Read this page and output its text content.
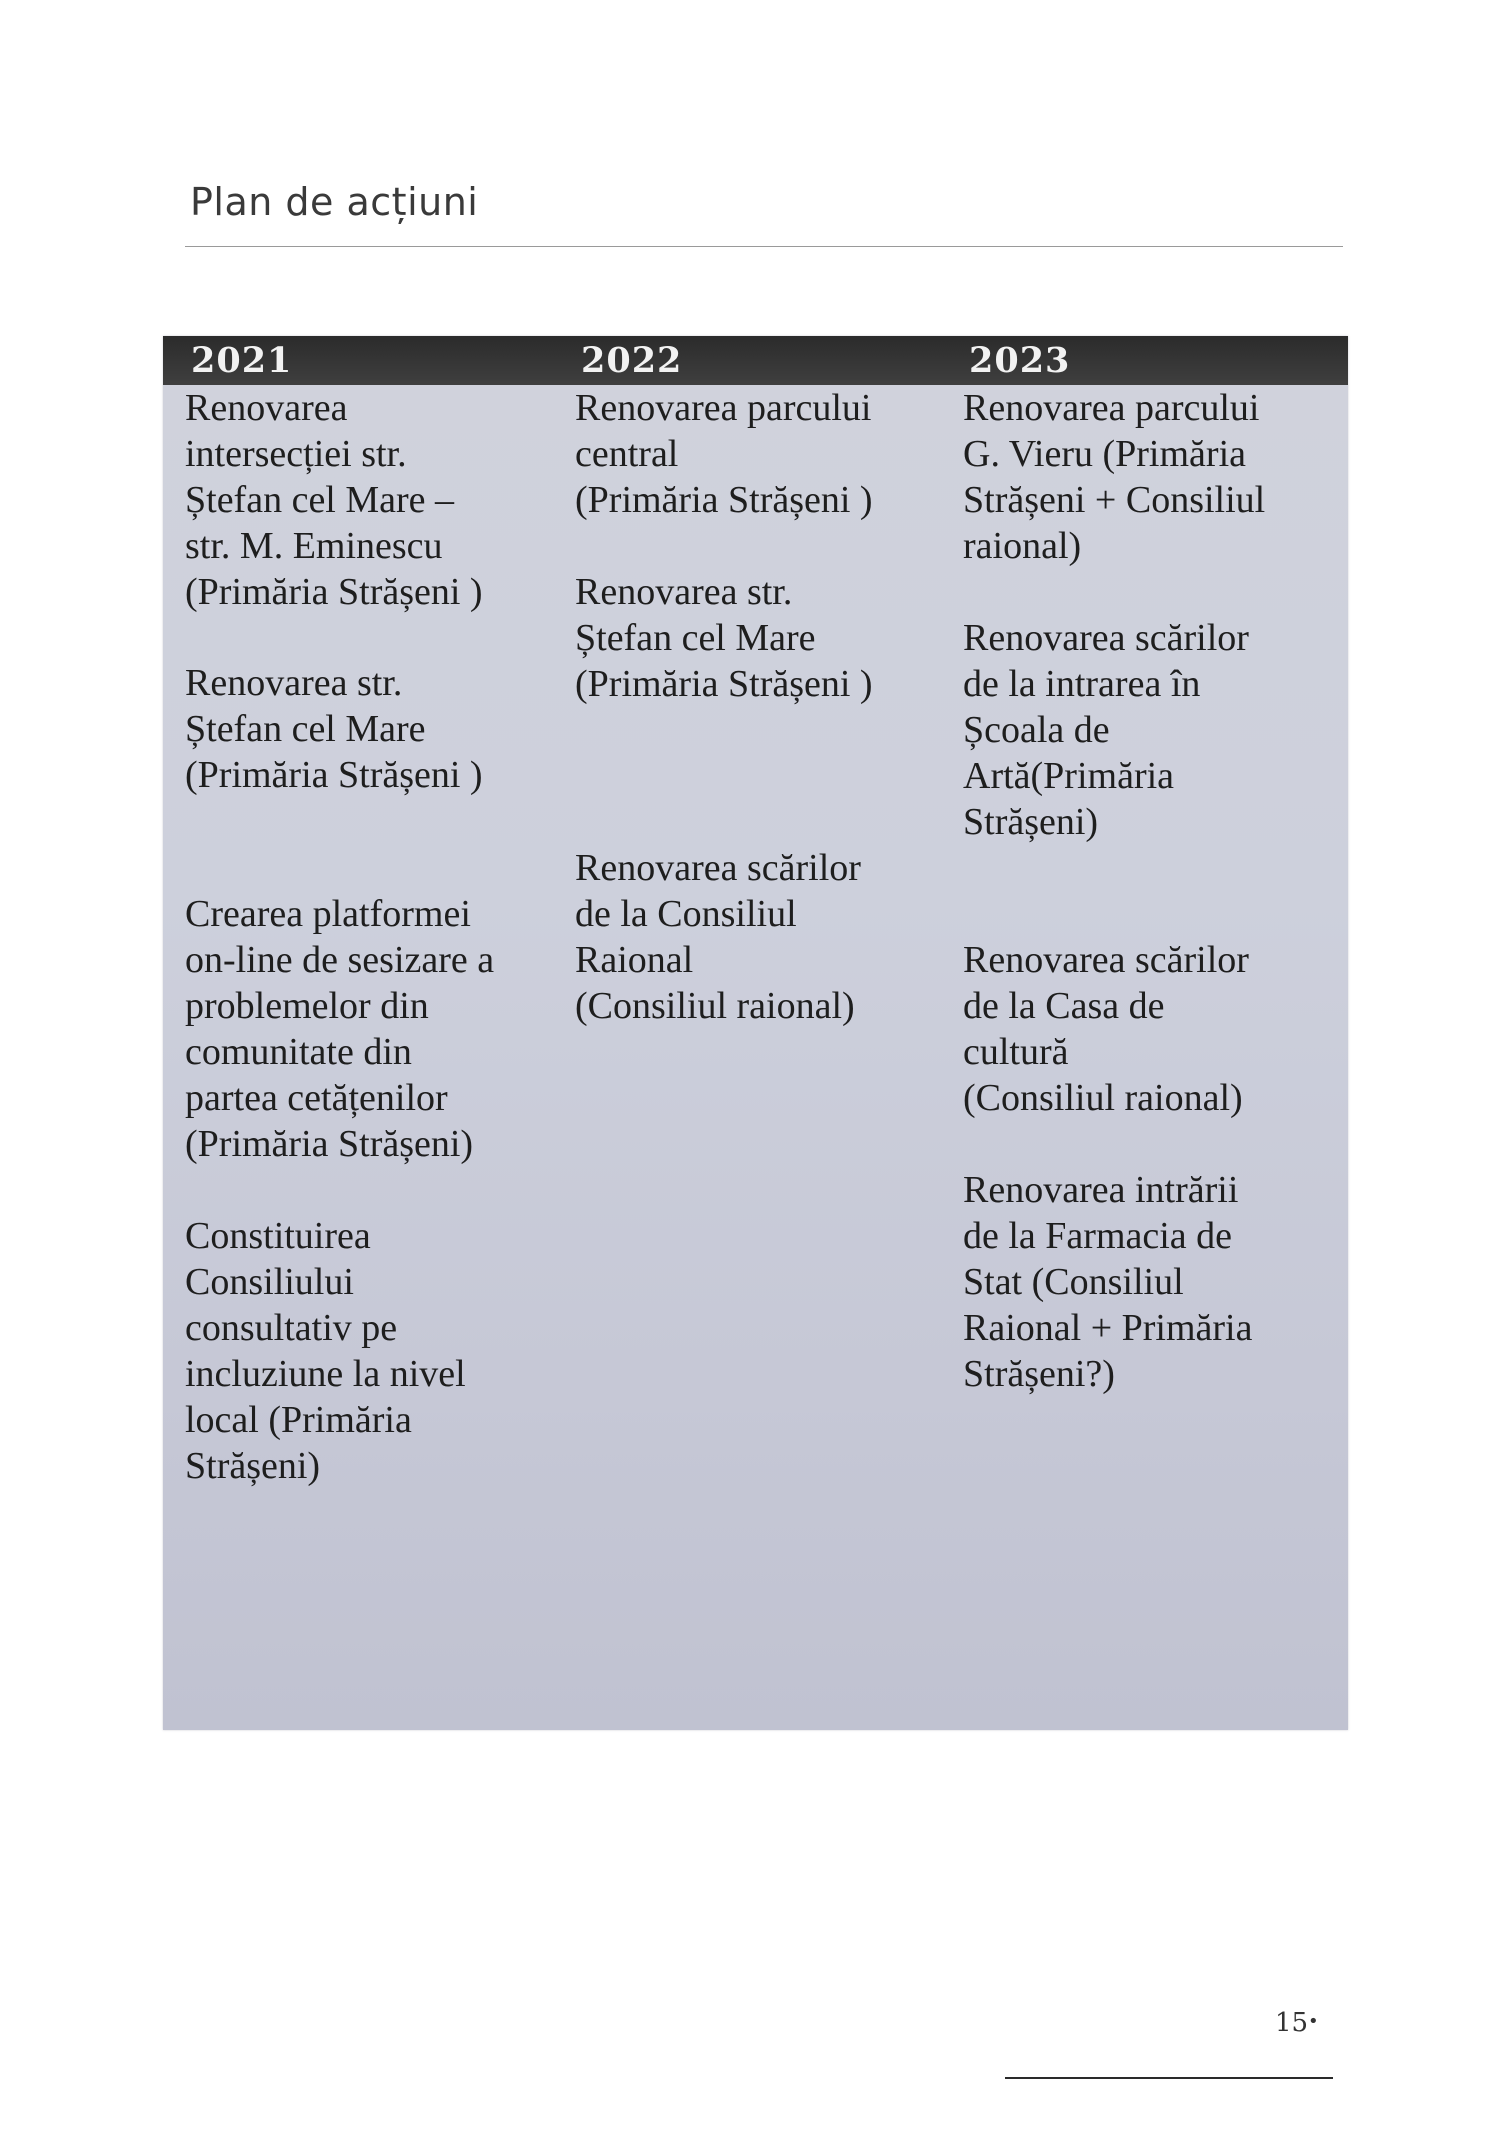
Plan de acțiuni
2021	2022	2023
Renovarea
intersecției str.
Ștefan cel Mare –
str. M. Eminescu
(Primăria Strășeni )
Renovarea str.
Ștefan cel Mare
(Primăria Strășeni )
Crearea platformei
on-line de sesizare a
problemelor din
comunitate din
partea cetățenilor
(Primăria Strășeni)
Constituirea
Consiliului
consultativ pe
incluziune la nivel
local (Primăria
Strășeni)
Renovarea parcului
central
(Primăria Strășeni )
Renovarea str.
Ștefan cel Mare
(Primăria Strășeni )
Renovarea scărilor
de la Consiliul
Raional
(Consiliul raional)
Renovarea parcului
G. Vieru (Primăria
Strășeni + Consiliul
raional)
Renovarea scărilor
de la intrarea în
Școala de
Artă(Primăria
Strășeni)
Renovarea scărilor
de la Casa de
cultură
(Consiliul raional)
Renovarea intrării
de la Farmacia de
Stat (Consiliul
Raional + Primăria
Strășeni?)
15 •
